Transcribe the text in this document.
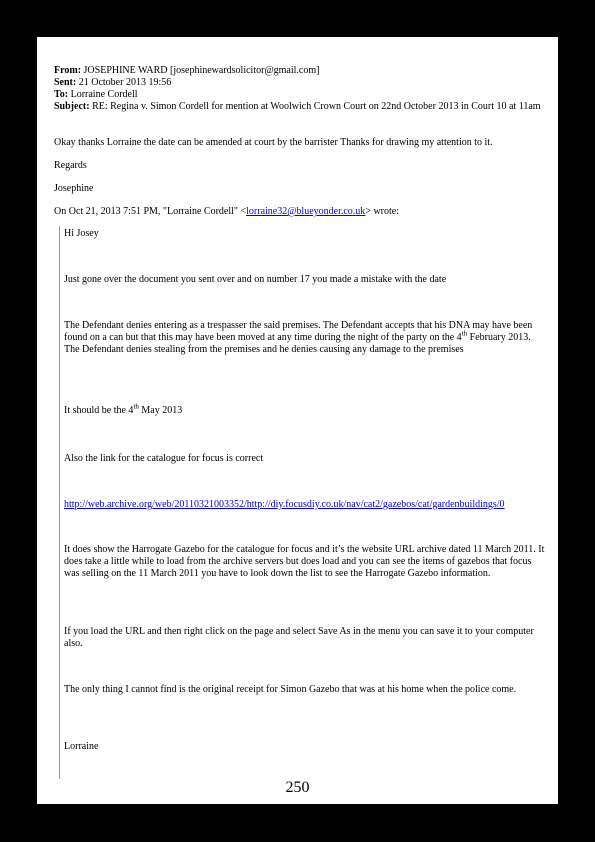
From: JOSEPHINE WARD [josephinewardsolicitor@gmail.com]
Sent: 21 October 2013 19:56
To: Lorraine Cordell
Subject: RE: Regina v. Simon Cordell for mention at Woolwich Crown Court on 22nd October 2013 in Court 10 at 11am
Okay thanks Lorraine the date can be amended at court by the barrister Thanks for drawing my attention to it.
Regards
Josephine
On Oct 21, 2013 7:51 PM, "Lorraine Cordell" <lorraine32@blueyonder.co.uk> wrote:
Hi Josey
Just gone over the document you sent over and on number 17 you made a mistake with the date
The Defendant denies entering as a trespasser the said premises. The Defendant accepts that his DNA may have been found on a can but that this may have been moved at any time during the night of the party on the 4th February 2013. The Defendant denies stealing from the premises and he denies causing any damage to the premises
It should be the 4th May 2013
Also the link for the catalogue for focus is correct
http://web.archive.org/web/20110321003352/http://diy.focusdiy.co.uk/nav/cat2/gazebos/cat/gardenbuildings/0
It does show the Harrogate Gazebo for the catalogue for focus and it’s the website URL archive dated 11 March 2011. It does take a little while to load from the archive servers but does load and you can see the items of gazebos that focus was selling on the 11 March 2011 you have to look down the list to see the Harrogate Gazebo information.
If you load the URL and then right click on the page and select Save As in the menu you can save it to your computer also.
The only thing I cannot find is the original receipt for Simon Gazebo that was at his home when the police come.
Lorraine
250
